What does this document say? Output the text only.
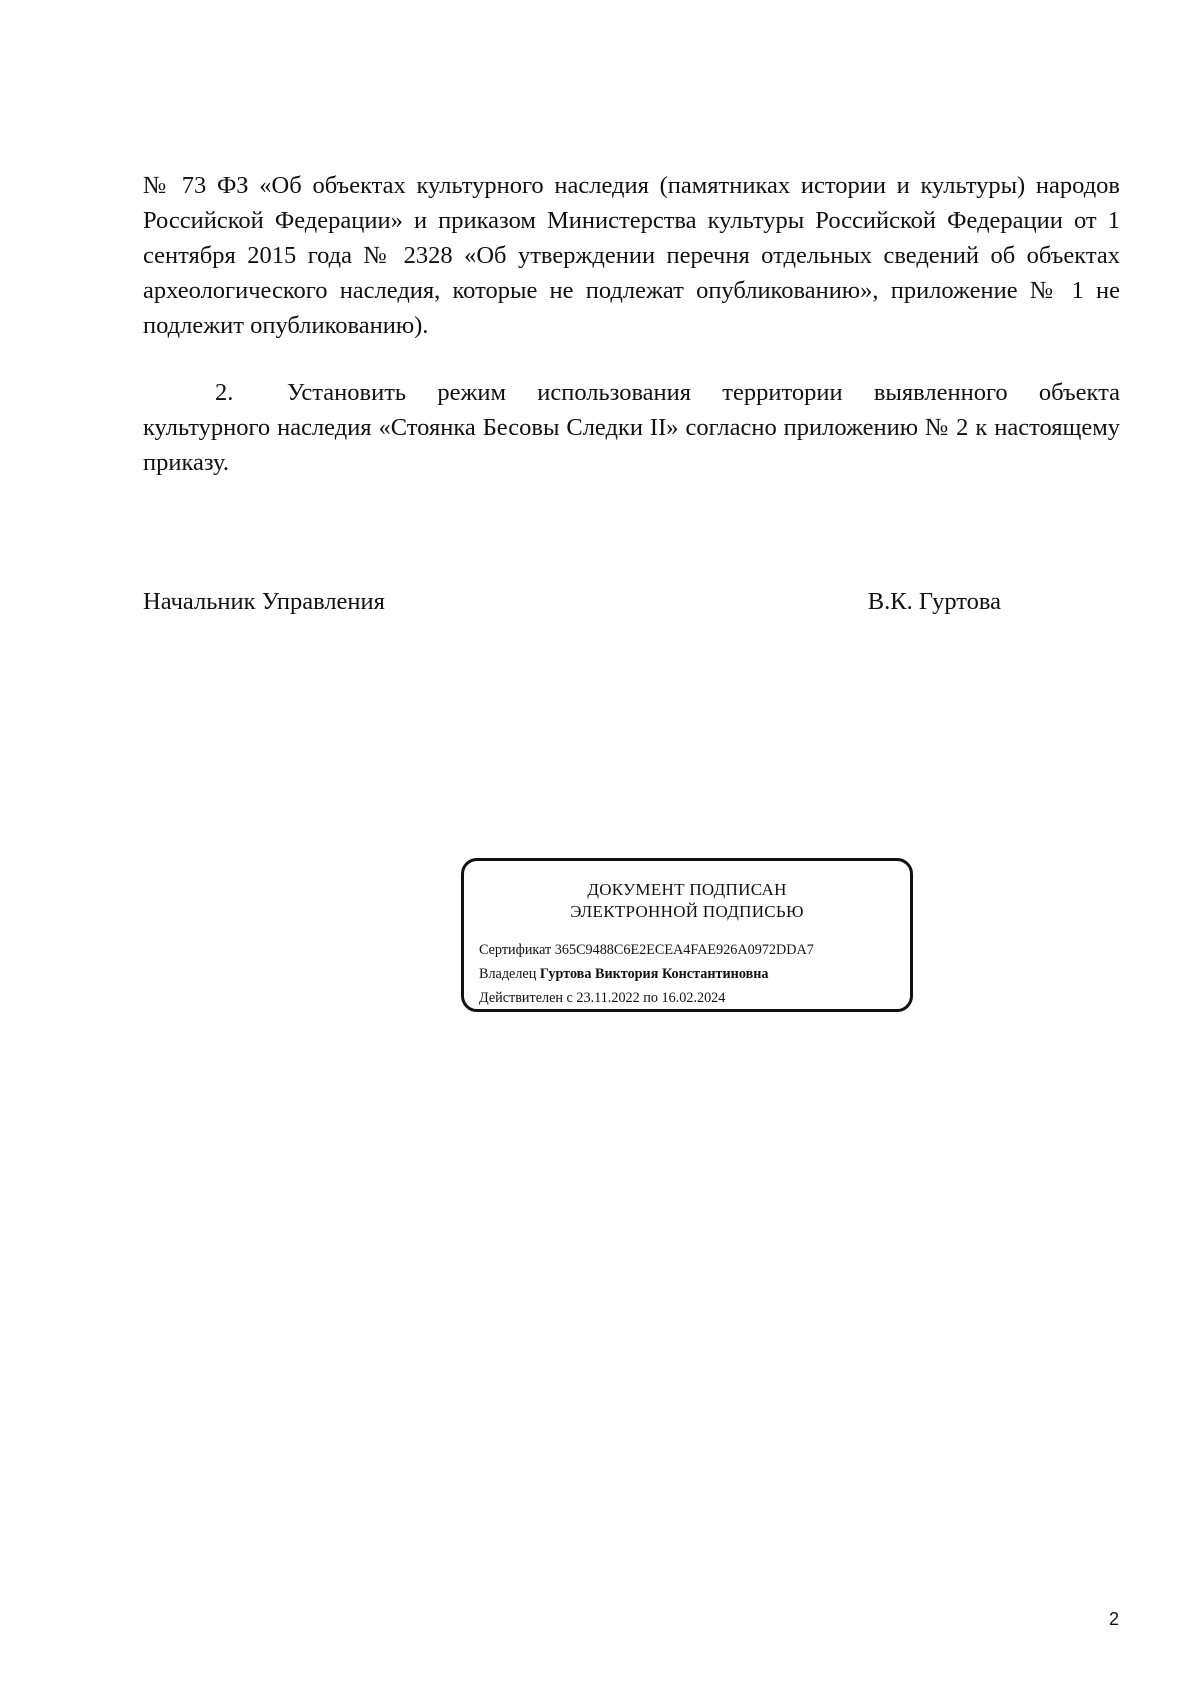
№ 73 ФЗ «Об объектах культурного наследия (памятниках истории и культуры) народов Российской Федерации» и приказом Министерства культуры Российской Федерации от 1 сентября 2015 года № 2328 «Об утверждении перечня отдельных сведений об объектах археологического наследия, которые не подлежат опубликованию», приложение № 1 не подлежит опубликованию).

2. Установить режим использования территории выявленного объекта культурного наследия «Стоянка Бесовы Следки II» согласно приложению № 2 к настоящему приказу.

Начальник Управления	В.К. Гуртова
ДОКУМЕНТ ПОДПИСАН
ЭЛЕКТРОННОЙ ПОДПИСЬЮ
Сертификат 365C9488C6E2ECEA4FAE926A0972DDA7
Владелец Гуртова Виктория Константиновна
Действителен с 23.11.2022 по 16.02.2024
2
